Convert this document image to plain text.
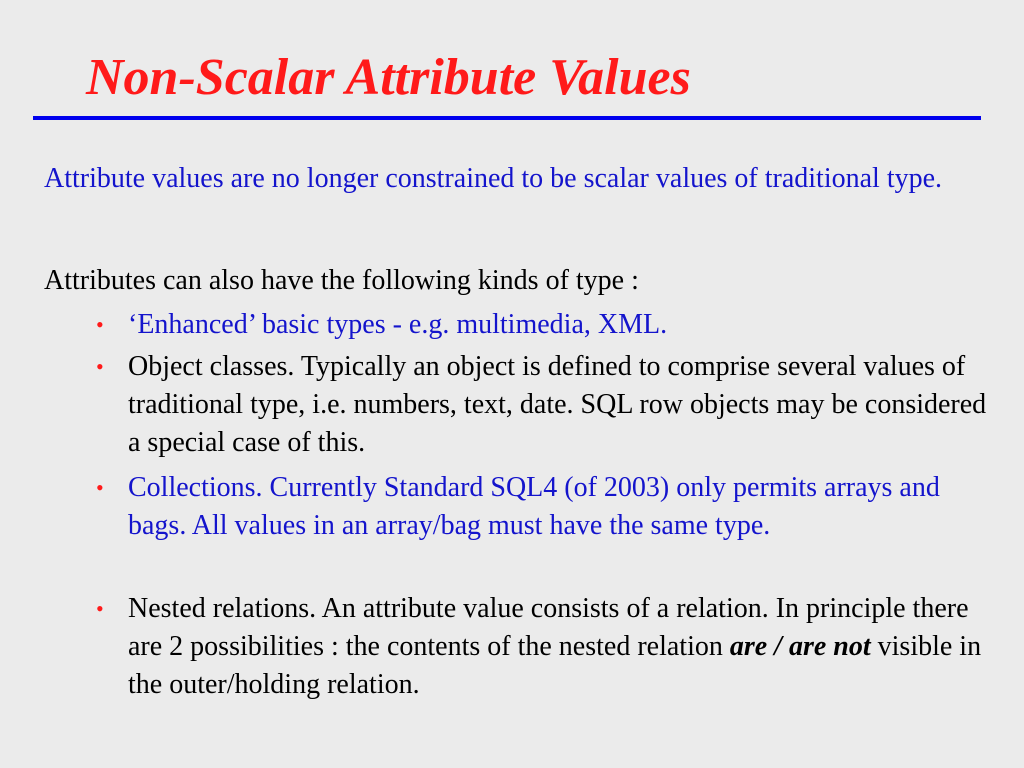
Non-Scalar Attribute Values
Attribute values are no longer constrained to be scalar values of traditional type.
Attributes can also have the following kinds of type :
• ‘Enhanced’ basic types - e.g. multimedia, XML.
• Object classes. Typically an object is defined to comprise several values of traditional type, i.e. numbers, text, date. SQL row objects may be considered a special case of this.
• Collections. Currently Standard SQL4 (of 2003) only permits arrays and bags. All values in an array/bag must have the same type.
• Nested relations. An attribute value consists of a relation. In principle there are 2 possibilities : the contents of the nested relation are / are not visible in the outer/holding relation.
